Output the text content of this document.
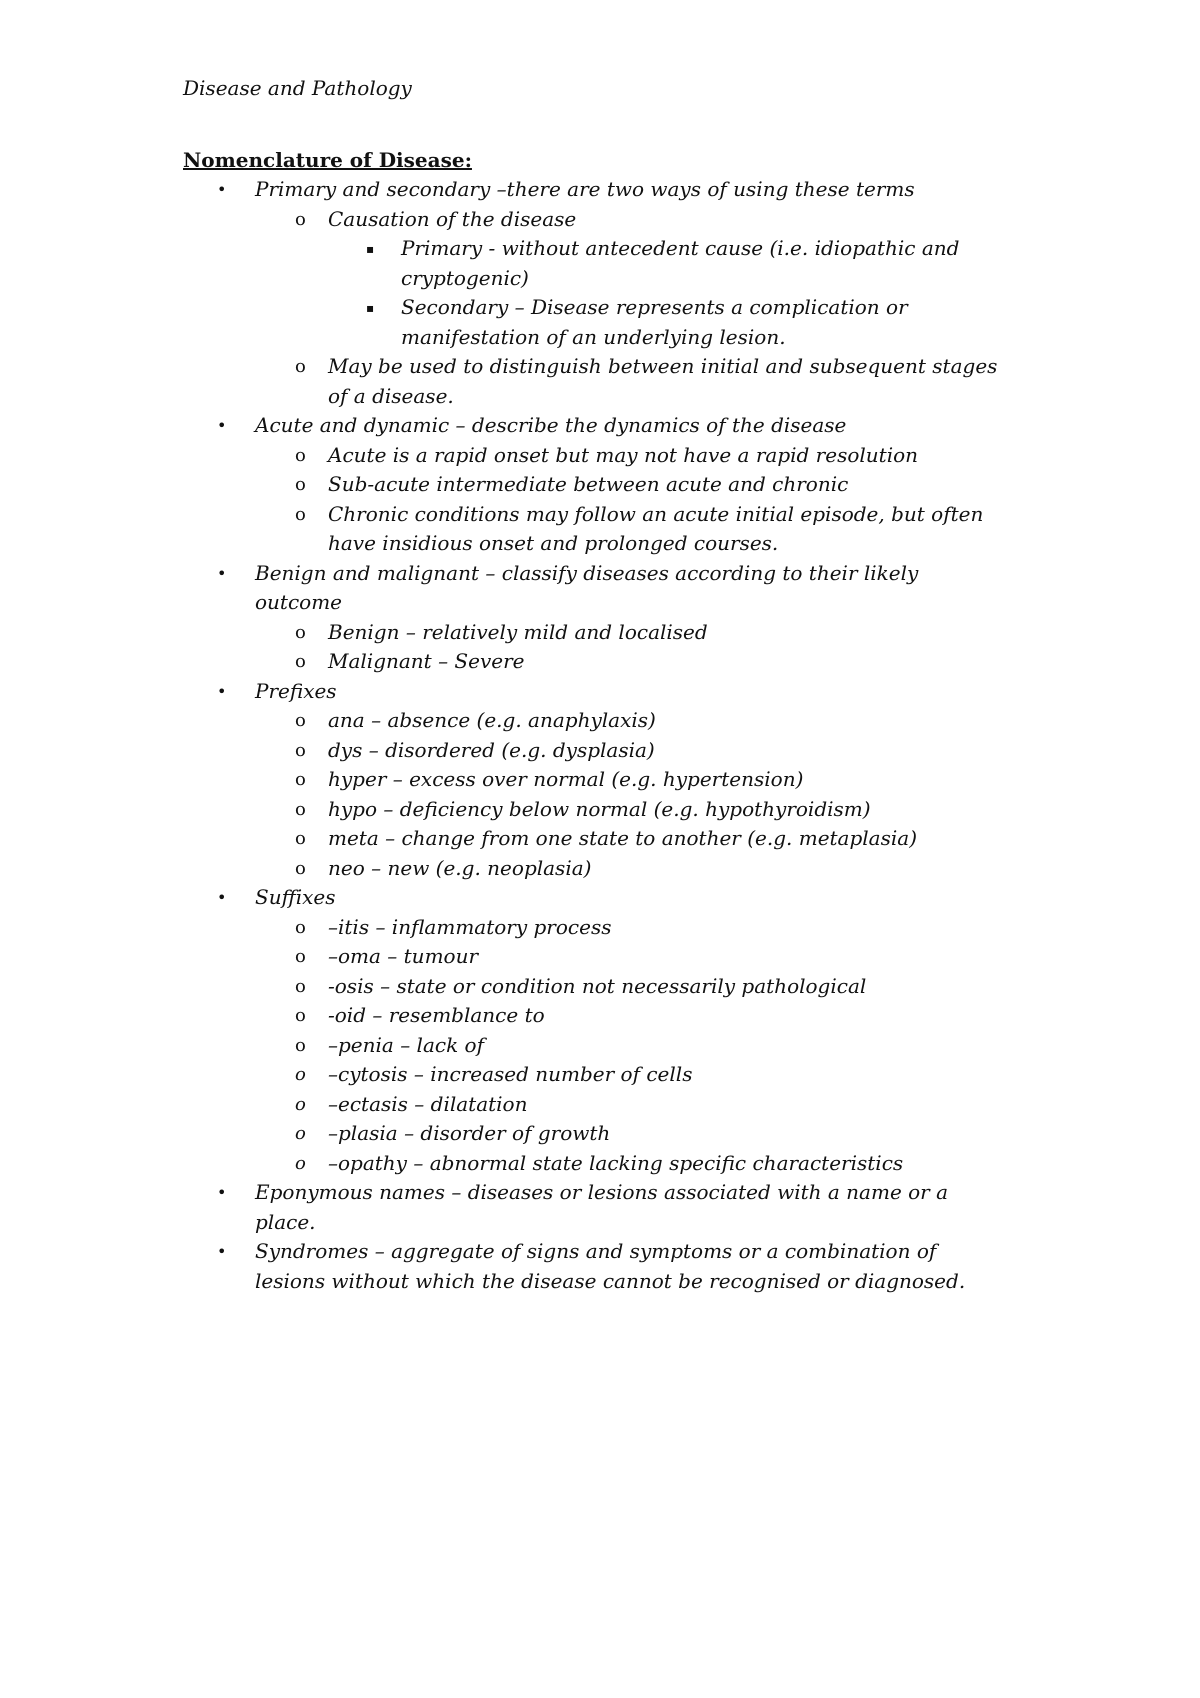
Disease and Pathology
Nomenclature of Disease:
• Primary and secondary –there are two ways of using these terms
o Causation of the disease
▪ Primary - without antecedent cause (i.e. idiopathic and cryptogenic)
▪ Secondary – Disease represents a complication or manifestation of an underlying lesion.
o May be used to distinguish between initial and subsequent stages of a disease.
• Acute and dynamic – describe the dynamics of the disease
o Acute is a rapid onset but may not have a rapid resolution
o Sub-acute intermediate between acute and chronic
o Chronic conditions may follow an acute initial episode, but often have insidious onset and prolonged courses.
• Benign and malignant – classify diseases according to their likely outcome
o Benign – relatively mild and localised
o Malignant – Severe
• Prefixes
o ana – absence (e.g. anaphylaxis)
o dys – disordered (e.g. dysplasia)
o hyper – excess over normal (e.g. hypertension)
o hypo – deficiency below normal (e.g. hypothyroidism)
o meta – change from one state to another (e.g. metaplasia)
o neo – new (e.g. neoplasia)
• Suffixes
o –itis – inflammatory process
o –oma – tumour
o -osis – state or condition not necessarily pathological
o -oid – resemblance to
o –penia – lack of
o –cytosis – increased number of cells
o –ectasis – dilatation
o –plasia – disorder of growth
o –opathy – abnormal state lacking specific characteristics
• Eponymous names – diseases or lesions associated with a name or a place.
• Syndromes – aggregate of signs and symptoms or a combination of lesions without which the disease cannot be recognised or diagnosed.
